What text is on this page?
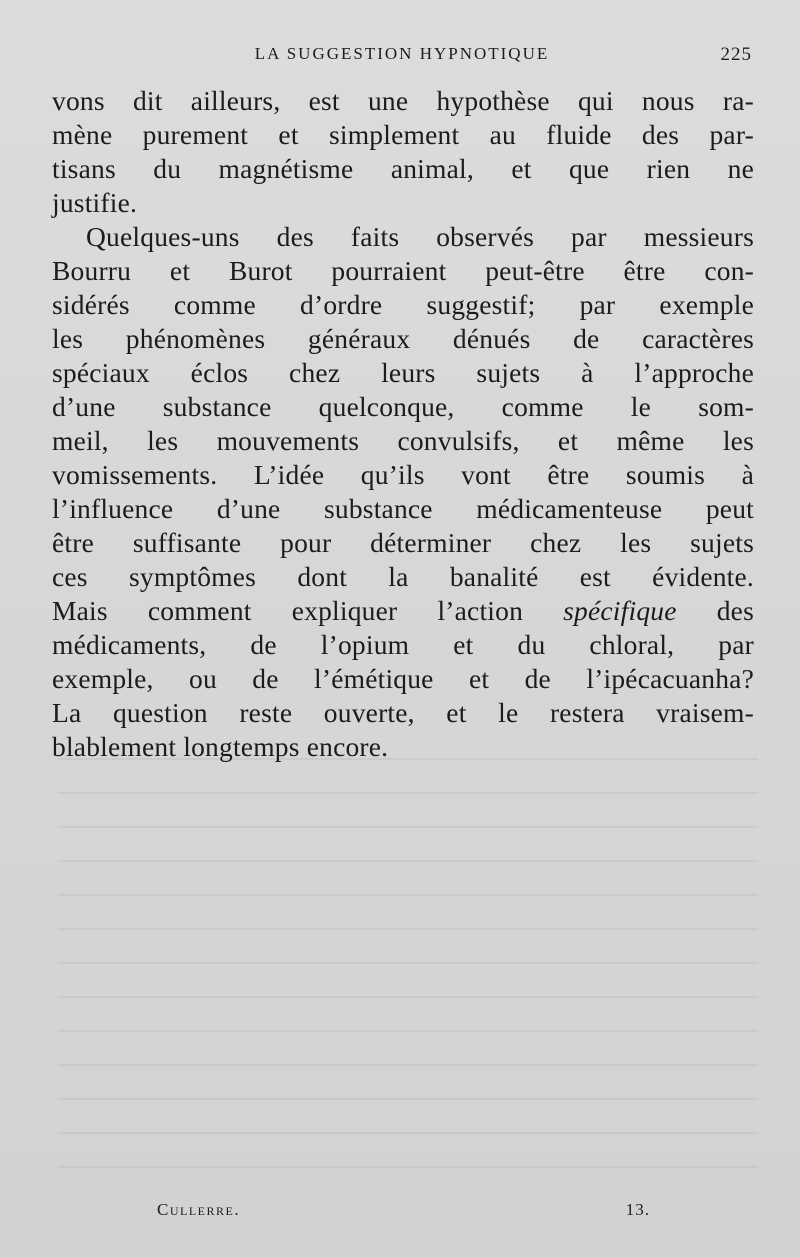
LA SUGGESTION HYPNOTIQUE	225
vons dit ailleurs, est une hypothèse qui nous ra-
mène purement et simplement au fluide des par-
tisans du magnétisme animal, et que rien ne
justifie.
Quelques-uns des faits observés par messieurs
Bourru et Burot pourraient peut-être être con-
sidérés comme d’ordre suggestif; par exemple
les phénomènes généraux dénués de caractères
spéciaux éclos chez leurs sujets à l’approche
d’une substance quelconque, comme le som-
meil, les mouvements convulsifs, et même les
vomissements. L’idée qu’ils vont être soumis à
l’influence d’une substance médicamenteuse peut
être suffisante pour déterminer chez les sujets
ces symptômes dont la banalité est évidente.
Mais comment expliquer l’action spécifique des
médicaments, de l’opium et du chloral, par
exemple, ou de l’émétique et de l’ipécacuanha?
La question reste ouverte, et le restera vraisem-
blablement longtemps encore.
Cullerre.	13.
